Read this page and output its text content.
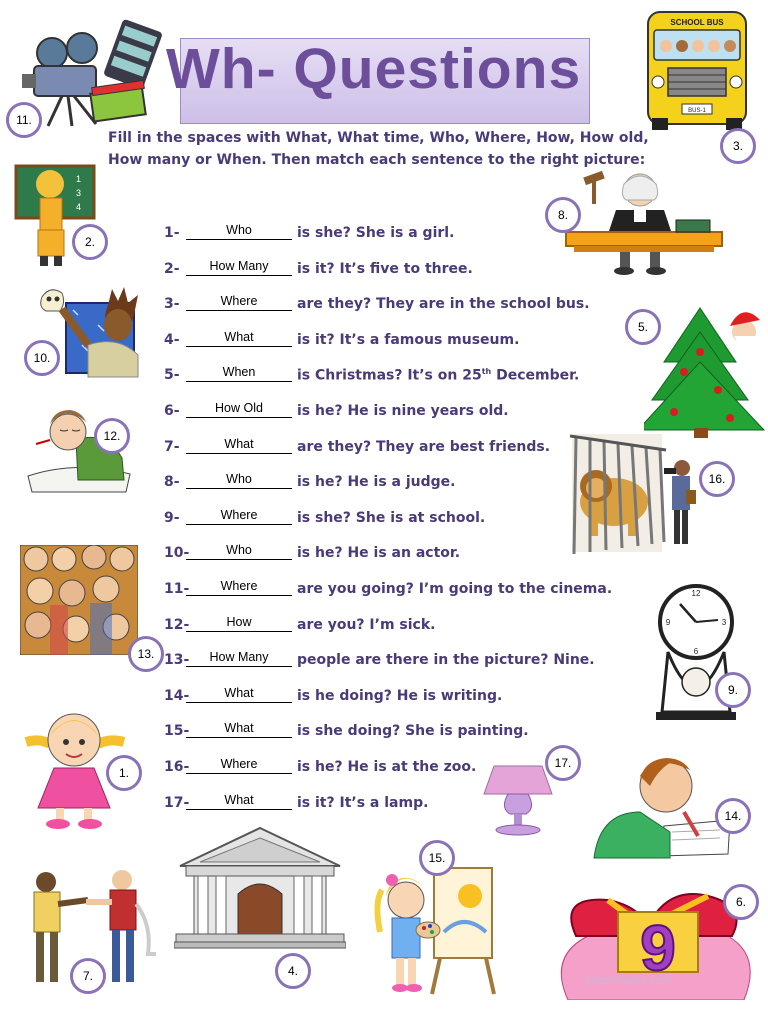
Wh- Questions
Fill in the spaces with What, What time, Who, Where, How, How old, How many or When. Then match each sentence to the right picture:
1-	Who	is she? She is a girl.
2-	How Many	is it? It’s five to three.
3-	Where	are they? They are in the school bus.
4-	What	is it? It’s a famous museum.
5-	When	is Christmas? It’s on 25th December.
6-	How Old	is he? He is nine years old.
7-	What	are they? They are best friends.
8-	Who	is he? He is a judge.
9-	Where	is she? She is at school.
10-	Who	is he? He is an actor.
11-	Where	are you going? I’m going to the cinema.
12-	How	are you? I’m sick.
13-	How Many	people are there in the picture? Nine.
14-	What	is he doing? He is writing.
15-	What	is she doing? She is painting.
16-	Where	is he? He is at the zoo.
17-	What	is it? It’s a lamp.
11.
SCHOOL BUS
BUS-1
3.
1
3
4
2.
8.
10.
5.
12.
16.
13.
12
3
6
9
9.
1.
17.
14.
7.	4.
15.
9
6.
eslprintables.com
